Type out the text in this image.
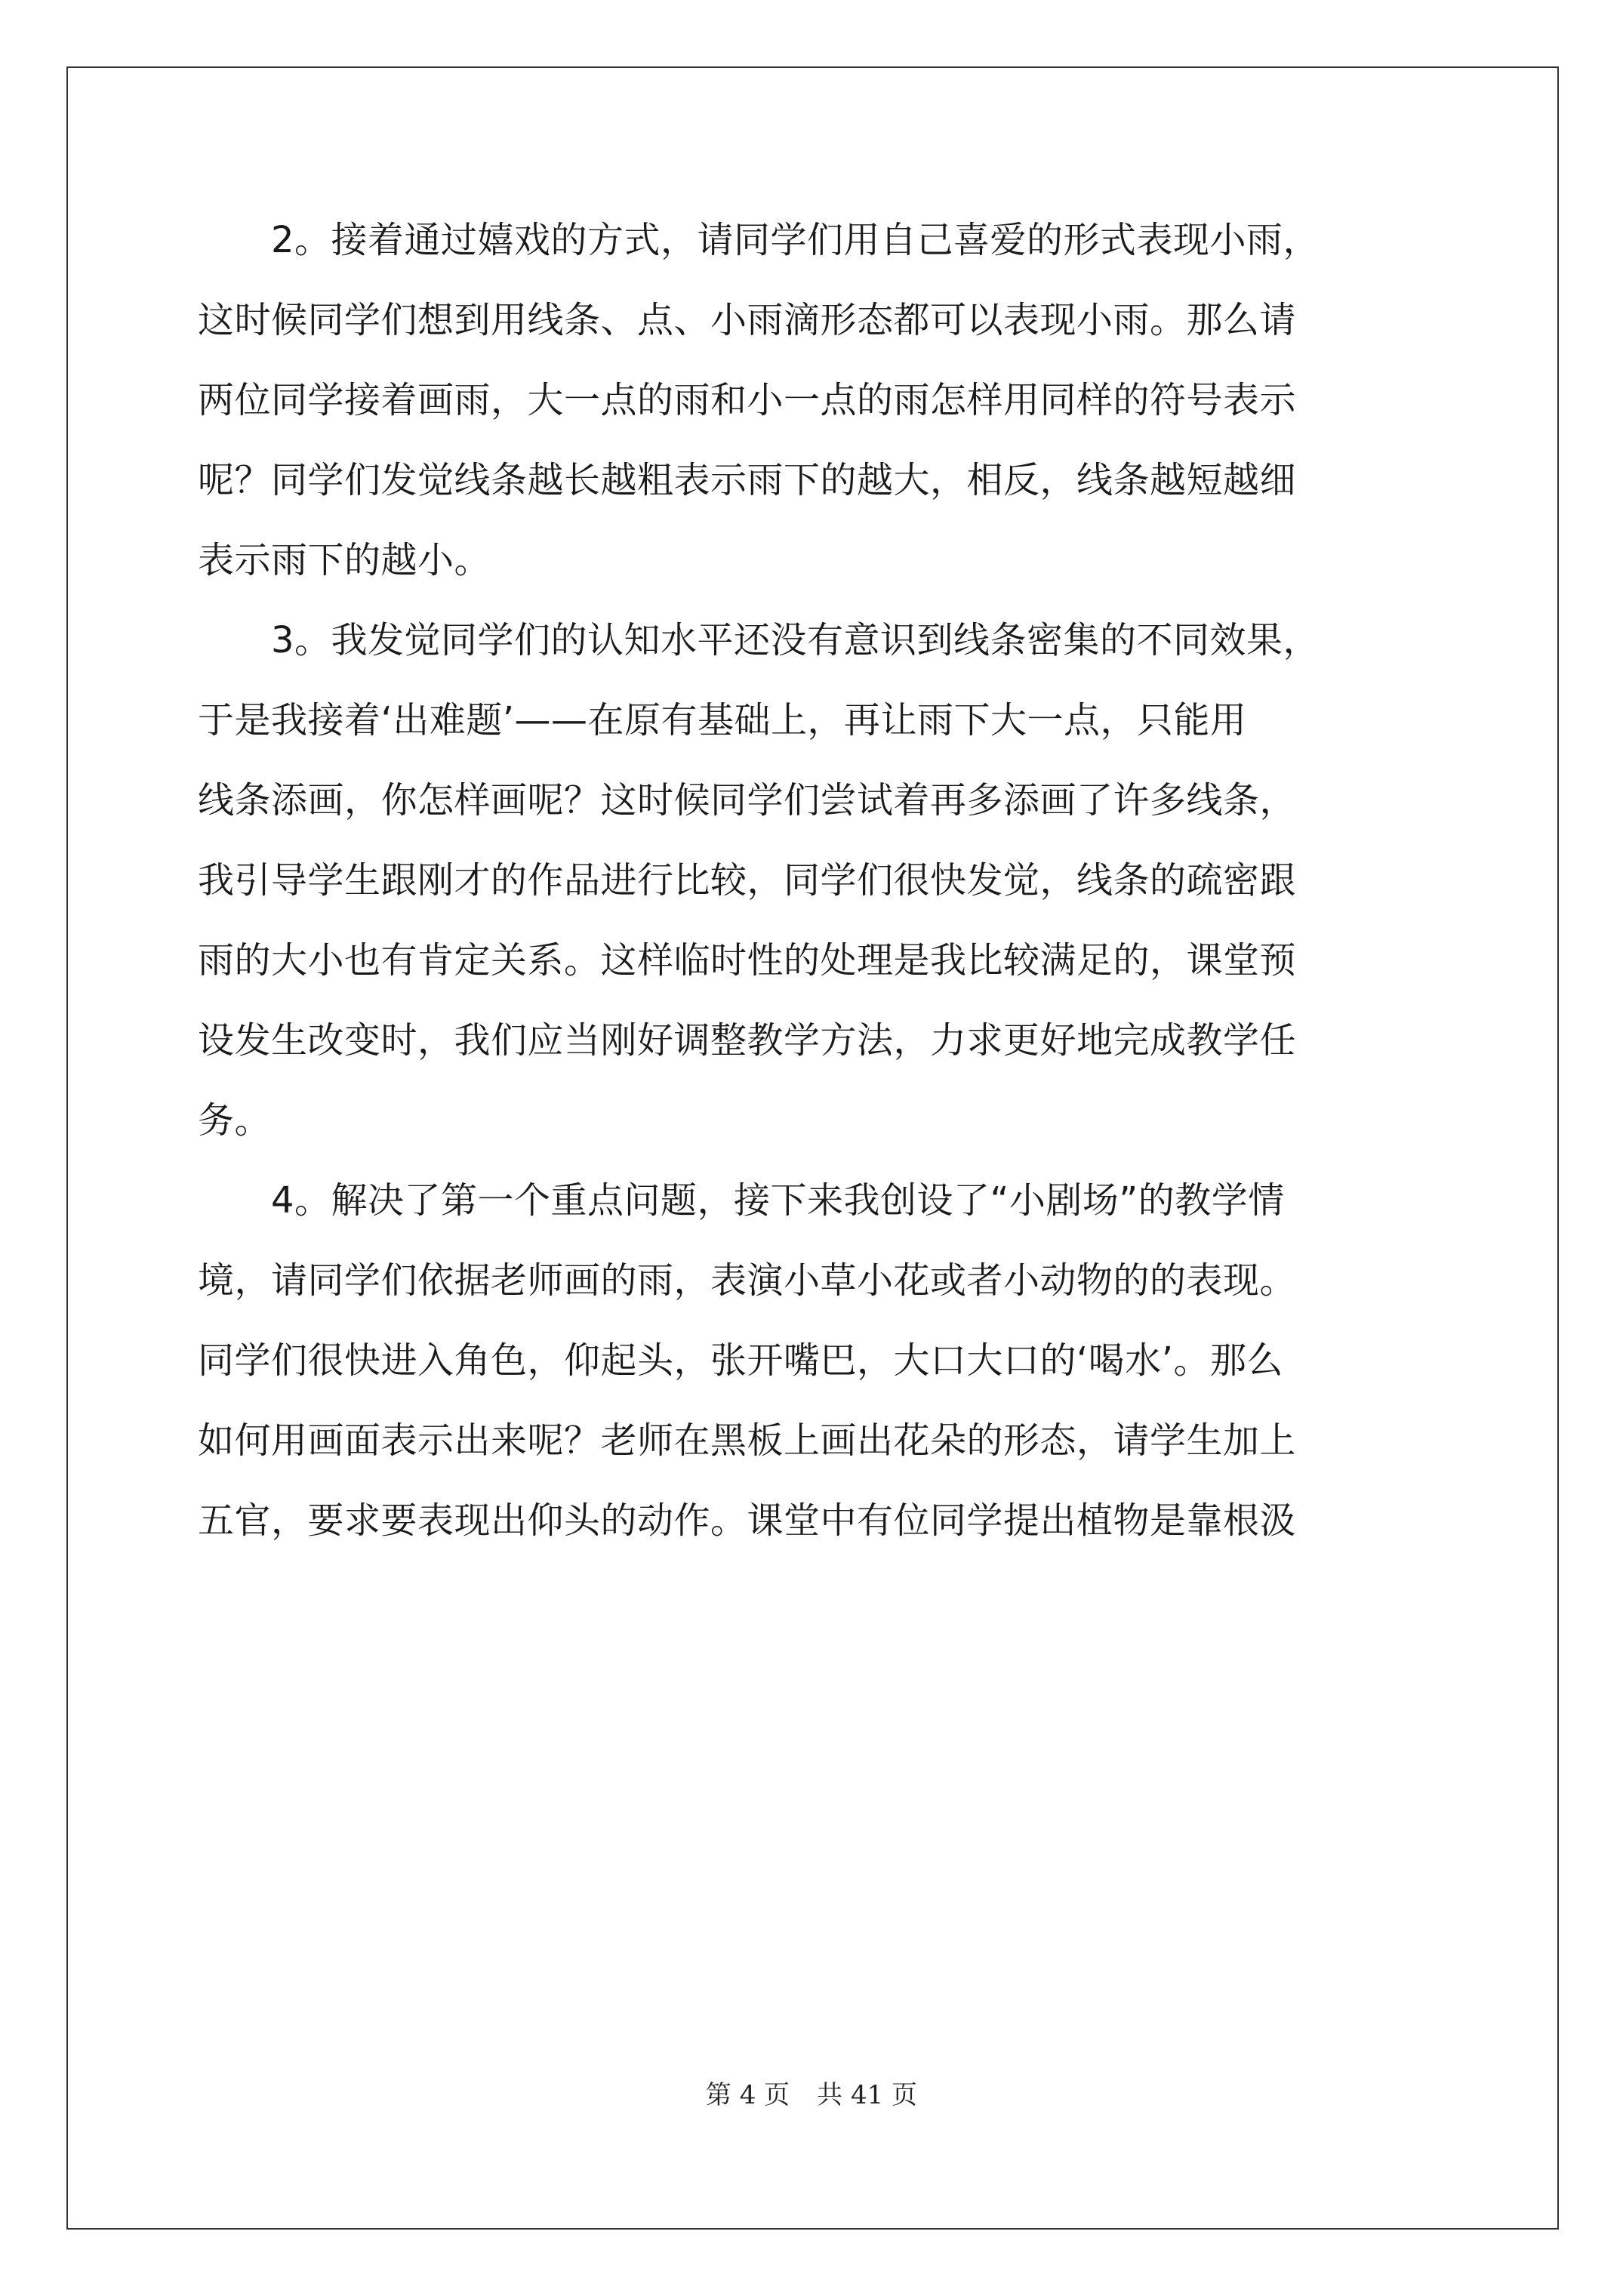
　　2。接着通过嬉戏的方式，请同学们用自己喜爱的形式表现小雨，
这时候同学们想到用线条、点、小雨滴形态都可以表现小雨。那么请
两位同学接着画雨，大一点的雨和小一点的雨怎样用同样的符号表示
呢？同学们发觉线条越长越粗表示雨下的越大，相反，线条越短越细
表示雨下的越小。
　　3。我发觉同学们的认知水平还没有意识到线条密集的不同效果，
于是我接着‘出难题’——在原有基础上，再让雨下大一点，只能用
线条添画，你怎样画呢？这时候同学们尝试着再多添画了许多线条，
我引导学生跟刚才的作品进行比较，同学们很快发觉，线条的疏密跟
雨的大小也有肯定关系。这样临时性的处理是我比较满足的，课堂预
设发生改变时，我们应当刚好调整教学方法，力求更好地完成教学任
务。
　　4。解决了第一个重点问题，接下来我创设了“小剧场”的教学情
境，请同学们依据老师画的雨，表演小草小花或者小动物的的表现。
同学们很快进入角色，仰起头，张开嘴巴，大口大口的‘喝水’。那么
如何用画面表示出来呢？老师在黑板上画出花朵的形态，请学生加上
五官，要求要表现出仰头的动作。课堂中有位同学提出植物是靠根汲
第 4 页 共 41 页
